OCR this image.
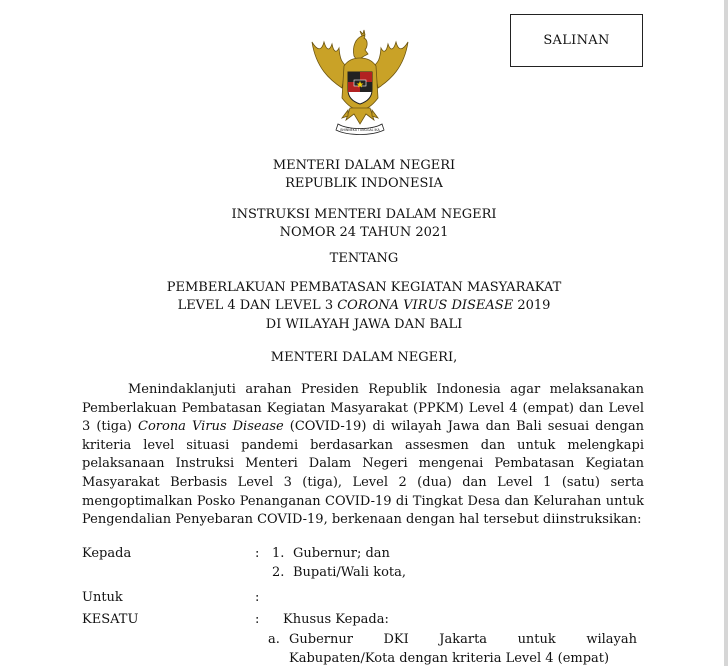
SALINAN
BHINNEKA TUNGGAL IKA
MENTERI DALAM NEGERI
REPUBLIK INDONESIA
INSTRUKSI MENTERI DALAM NEGERI
NOMOR 24 TAHUN 2021
TENTANG
PEMBERLAKUAN PEMBATASAN KEGIATAN MASYARAKAT
LEVEL 4 DAN LEVEL 3 CORONA VIRUS DISEASE 2019
DI WILAYAH JAWA DAN BALI
MENTERI DALAM NEGERI,
Menindaklanjuti arahan Presiden Republik Indonesia agar melaksanakan Pemberlakuan Pembatasan Kegiatan Masyarakat (PPKM) Level 4 (empat) dan Level 3 (tiga) Corona Virus Disease (COVID-19) di wilayah Jawa dan Bali sesuai dengan kriteria level situasi pandemi berdasarkan assesmen dan untuk melengkapi pelaksanaan Instruksi Menteri Dalam Negeri mengenai Pembatasan Kegiatan Masyarakat Berbasis Level 3 (tiga), Level 2 (dua) dan Level 1 (satu) serta mengoptimalkan Posko Penanganan COVID-19 di Tingkat Desa dan Kelurahan untuk Pengendalian Penyebaran COVID-19, berkenaan dengan hal tersebut diinstruksikan:
Kepada	: 1. Gubernur; dan
2. Bupati/Wali kota,
Untuk	:
KESATU	: Khusus Kepada:
a. Gubernur DKI Jakarta untuk wilayah
Kabupaten/Kota dengan kriteria Level 4 (empat)
